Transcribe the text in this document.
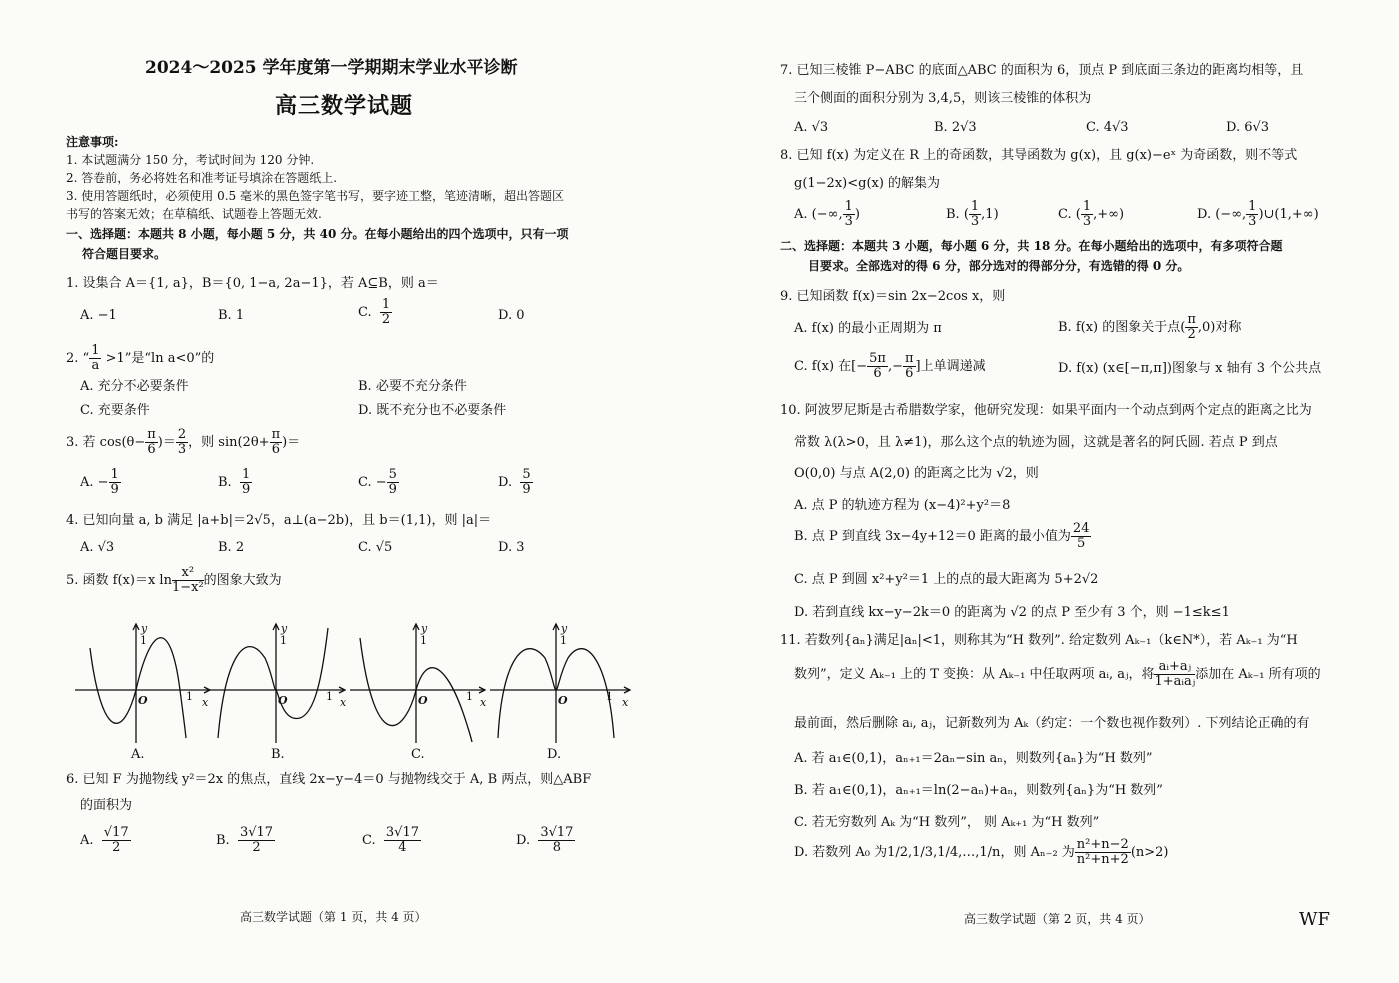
2024～2025 学年度第一学期期末学业水平诊断
高三数学试题
注意事项:
1. 本试题满分 150 分，考试时间为 120 分钟.
2. 答卷前，务必将姓名和准考证号填涂在答题纸上.
3. 使用答题纸时，必须使用 0.5 毫米的黑色签字笔书写，要字迹工整，笔迹清晰，超出答题区
书写的答案无效；在草稿纸、试题卷上答题无效.
一、选择题：本题共 8 小题，每小题 5 分，共 40 分。在每小题给出的四个选项中，只有一项
符合题目要求。
1. 设集合 A＝{1, a}，B＝{0, 1−a, 2a−1}，若 A⊆B，则 a＝
A. −1	B. 1	C. $\frac{1}{2}$	D. 0
2. “ $\frac{1}{a} >1$”是“ln a<0”的
A. 充分不必要条件	B. 必要不充分条件
C. 充要条件	D. 既不充分也不必要条件
3. 若 $\cos(\theta- \frac{\pi}{6}$ )＝ $\frac{2}{3}$ ，则 $\sin(2\theta+ \frac{\pi}{6}$ )＝
A. − $\frac{1}{9}$	B. $\frac{1}{9}$	C. − $\frac{5}{9}$	D. $\frac{5}{9}$
4. 已知向量 a, b 满足 |a+b|＝2√5，a⊥(a−2b)，且 b＝(1,1)，则 |a|＝
A. √3	B. 2	C. √5	D. 3
5. 函数 f(x)＝x $\ln \frac{\text{x²}}{\text{1−x²}}$ 的图象大致为
y
1
O	1 x
y
1
O	1 x
y
1
O	1 x
y
1
O	1 x
A.	B.	C.	D.
6. 已知 F 为抛物线 y²＝2x 的焦点，直线 2x−y−4＝0 与抛物线交于 A, B 两点，则△ABF
的面积为
A. $\frac{√17}{2}$	B. $\frac{3√17}{2}$	C. $\frac{3√17}{4}$	D. $\frac{3√17}{8}$
高三数学试题（第 1 页，共 4 页）
7. 已知三棱锥 P−ABC 的底面△ABC 的面积为 6，顶点 P 到底面三条边的距离均相等，且
三个侧面的面积分别为 3,4,5，则该三棱锥的体积为
A. √3	B. 2√3	C. 4√3	D. 6√3
8. 已知 f(x) 为定义在 R 上的奇函数，其导函数为 g(x)，且 g(x)−eˣ 为奇函数，则不等式
g(1−2x)<g(x) 的解集为
A. (−∞, $\frac{1}{3}$ )	B. ( $\frac{1}{3} ,1$)	C. ( $\frac{1}{3}$ ,+∞)	D. (−∞, $\frac{1}{3}$ )∪(1,+∞)
二、选择题：本题共 3 小题，每小题 6 分，共 18 分。在每小题给出的选项中，有多项符合题
目要求。全部选对的得 6 分，部分选对的得部分分，有选错的得 0 分。
9. 已知函数 f(x)＝sin 2x−2cos x，则
A. f(x) 的最小正周期为 π	B. f(x) 的图象关于点( $\frac{\pi}{2} ,0$)对称
C. f(x) 在[− $\frac{5\pi}{6}$ ,− $\frac{\pi}{6}$ ]上单调递减	D. f(x) (x∈[−π,π])图象与 x 轴有 3 个公共点
10. 阿波罗尼斯是古希腊数学家，他研究发现：如果平面内一个动点到两个定点的距离之比为
常数 λ(λ>0，且 λ≠1)，那么这个点的轨迹为圆，这就是著名的阿氏圆. 若点 P 到点
O(0,0) 与点 A(2,0) 的距离之比为 √2，则
A. 点 P 的轨迹方程为 (x−4)²+y²＝8
B. 点 P 到直线 3x−4y+12＝0 距离的最小值为 $\frac{24}{5}$
C. 点 P 到圆 x²+y²＝1 上的点的最大距离为 5+2√2
D. 若到直线 kx−y−2k＝0 的距离为 √2 的点 P 至少有 3 个，则 −1≤k≤1
11. 若数列{aₙ}满足|aₙ|<1，则称其为“H 数列”. 给定数列 Aₖ₋₁（k∈N*），若 Aₖ₋₁ 为“H
数列”，定义 Aₖ₋₁ 上的 T 变换：从 Aₖ₋₁ 中任取两项 aᵢ, aⱼ，将 $\frac{\text{aᵢ+aⱼ}}{\text{1+aᵢaⱼ}}$ 添加在 Aₖ₋₁ 所有项的
最前面，然后删除 aᵢ, aⱼ，记新数列为 Aₖ（约定：一个数也视作数列）. 下列结论正确的有
A. 若 a₁∈(0,1)，aₙ₊₁＝2aₙ−sin aₙ，则数列{aₙ}为“H 数列”
B. 若 a₁∈(0,1)，aₙ₊₁＝ln(2−aₙ)+aₙ，则数列{aₙ}为“H 数列”
C. 若无穷数列 Aₖ 为“H 数列”， 则 Aₖ₊₁ 为“H 数列”
D. 若数列 A₀ 为 1/2 , 1/3 , 1/4 ,…, 1/n ，则 Aₙ₋₂ 为 $\frac{\text{n²+n−2}}{\text{n²+n+2}} (n>2)$
高三数学试题（第 2 页，共 4 页）	WF
